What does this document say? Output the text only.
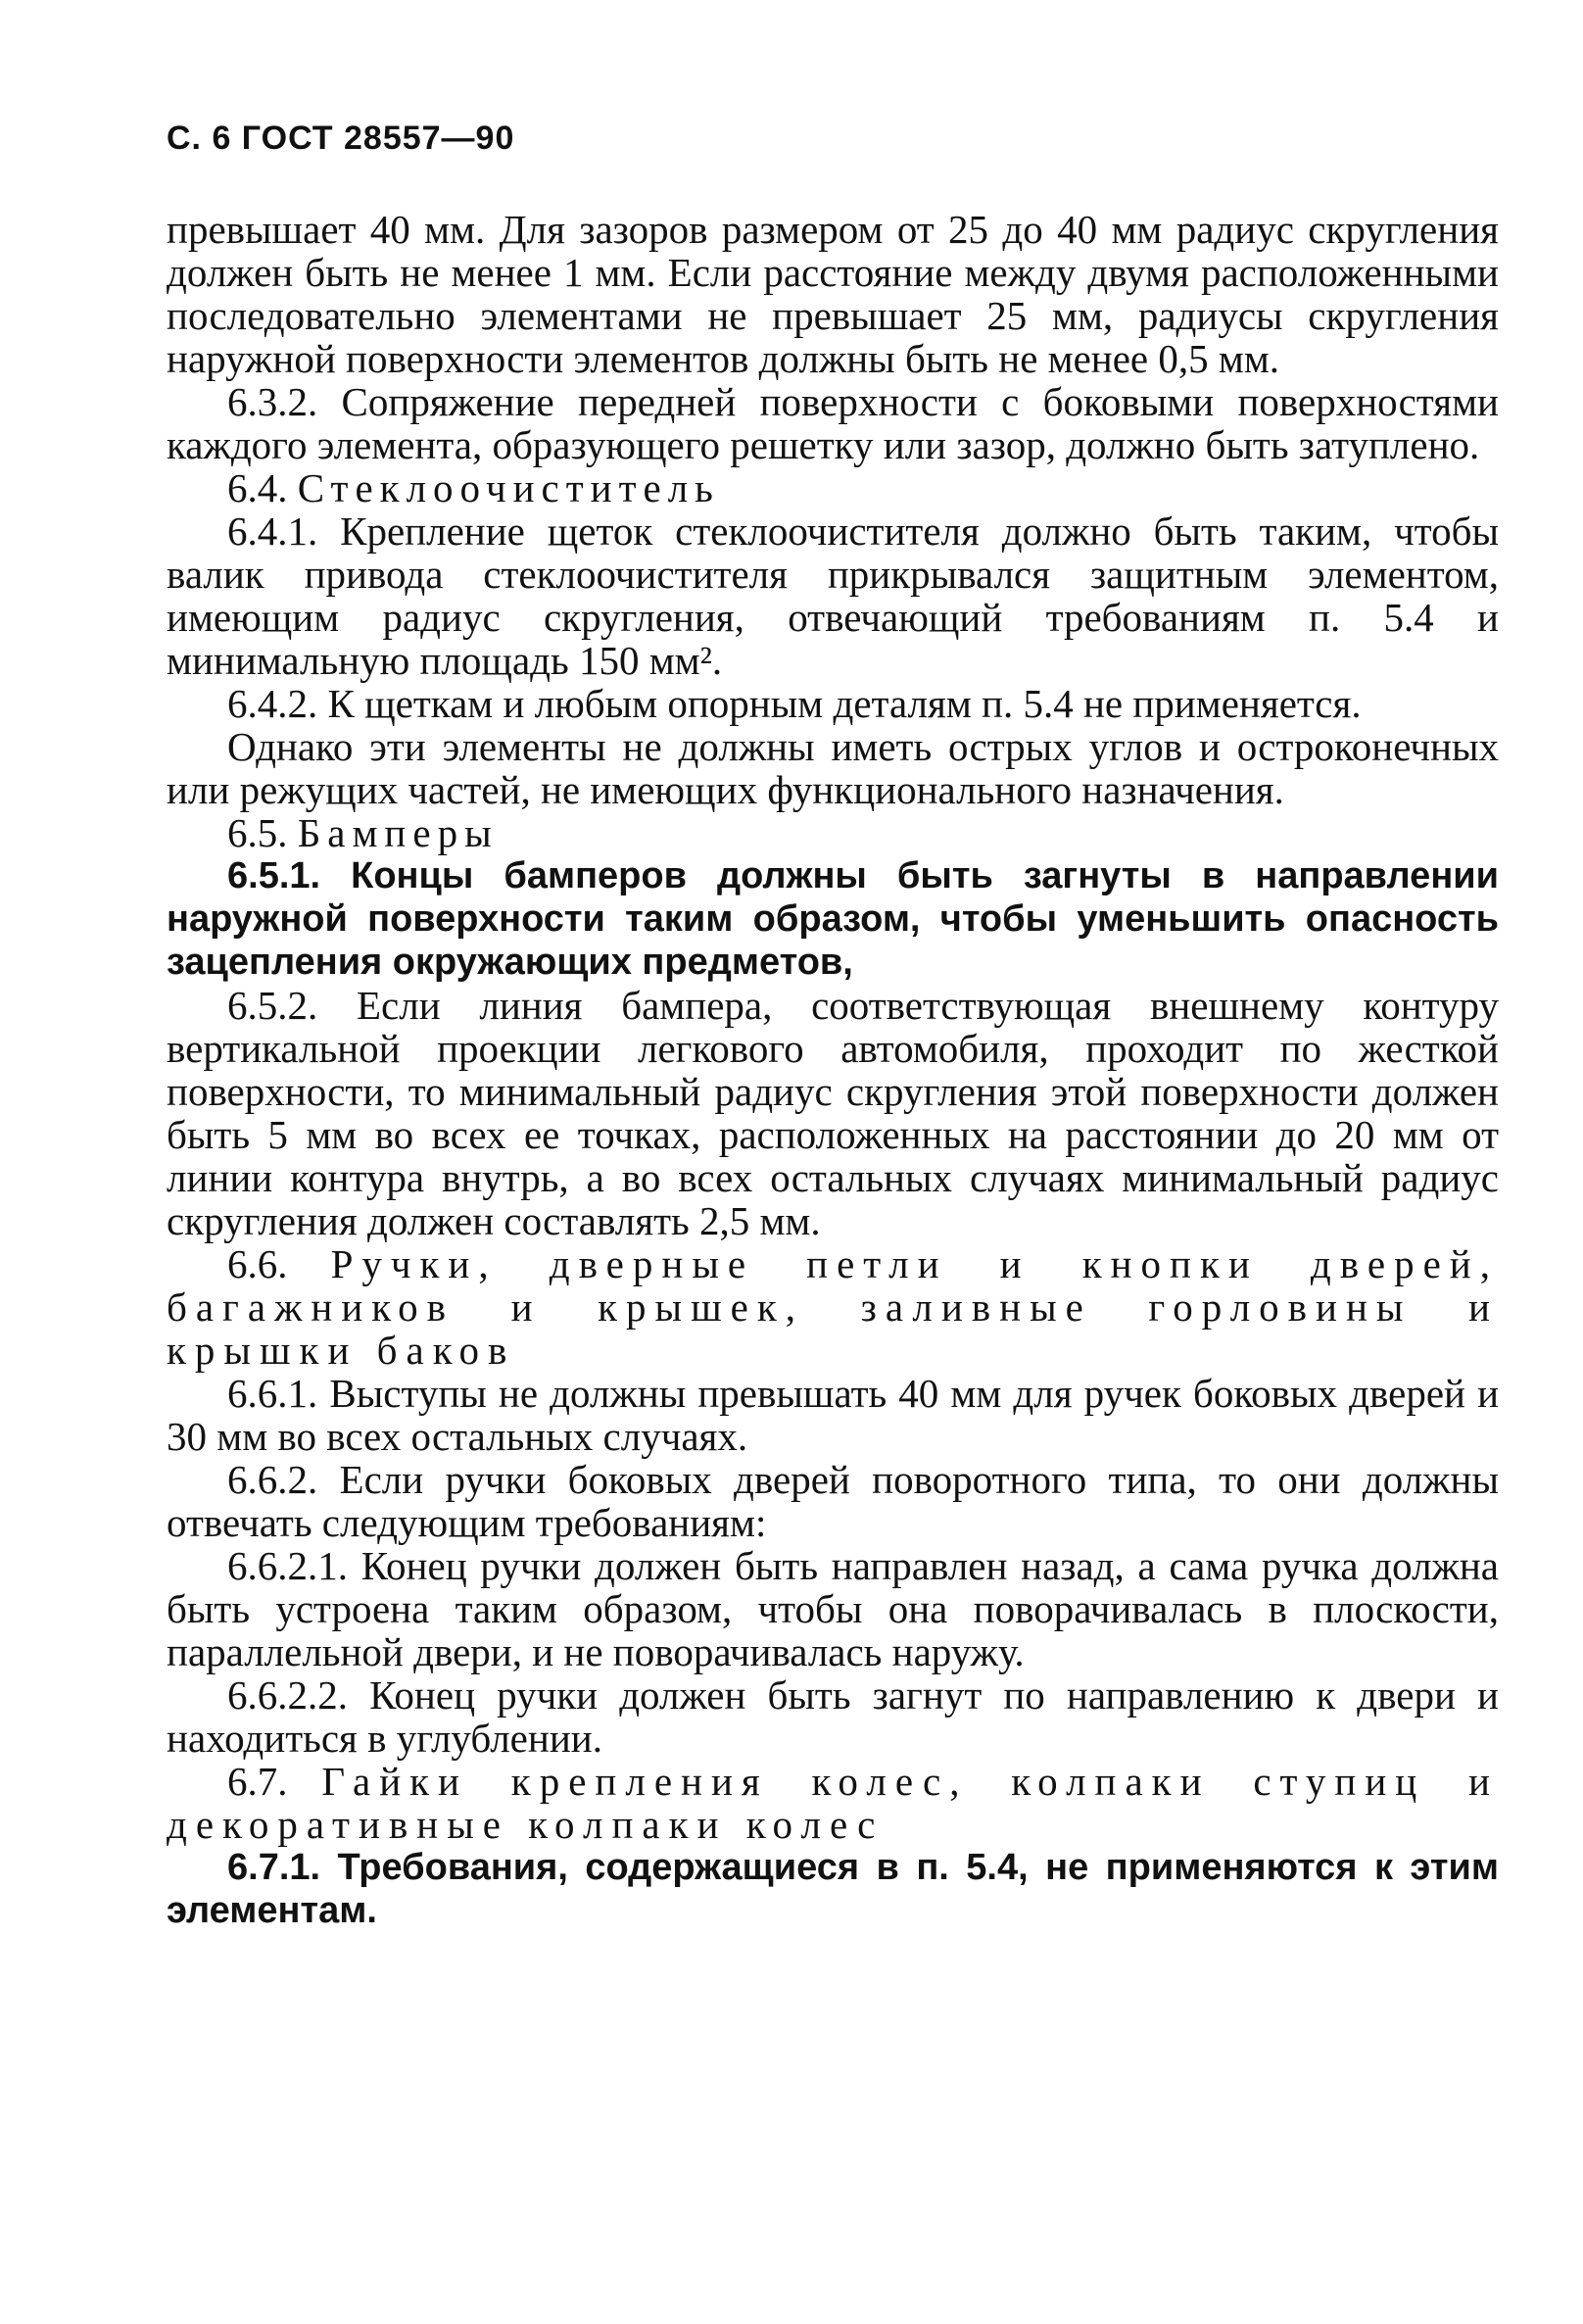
С. 6 ГОСТ 28557—90

превышает 40 мм. Для зазоров размером от 25 до 40 мм радиус скругления должен быть не менее 1 мм. Если расстояние между двумя расположенными последовательно элементами не превышает 25 мм, радиусы скругления наружной поверхности элементов должны быть не менее 0,5 мм.

6.3.2. Сопряжение передней поверхности с боковыми поверхностями каждого элемента, образующего решетку или зазор, должно быть затуплено.

6.4. Стеклоочиститель

6.4.1. Крепление щеток стеклоочистителя должно быть таким, чтобы валик привода стеклоочистителя прикрывался защитным элементом, имеющим радиус скругления, отвечающий требованиям п. 5.4 и минимальную площадь 150 мм².

6.4.2. К щеткам и любым опорным деталям п. 5.4 не применяется.

Однако эти элементы не должны иметь острых углов и остроконечных или режущих частей, не имеющих функционального назначения.

6.5. Бамперы

6.5.1. Концы бамперов должны быть загнуты в направлении наружной поверхности таким образом, чтобы уменьшить опасность зацепления окружающих предметов,

6.5.2. Если линия бампера, соответствующая внешнему контуру вертикальной проекции легкового автомобиля, проходит по жесткой поверхности, то минимальный радиус скругления этой поверхности должен быть 5 мм во всех ее точках, расположенных на расстоянии до 20 мм от линии контура внутрь, а во всех остальных случаях минимальный радиус скругления должен составлять 2,5 мм.

6.6. Ручки, дверные петли и кнопки дверей, багажников и крышек, заливные горловины и крышки баков

6.6.1. Выступы не должны превышать 40 мм для ручек боковых дверей и 30 мм во всех остальных случаях.

6.6.2. Если ручки боковых дверей поворотного типа, то они должны отвечать следующим требованиям:

6.6.2.1. Конец ручки должен быть направлен назад, а сама ручка должна быть устроена таким образом, чтобы она поворачивалась в плоскости, параллельной двери, и не поворачивалась наружу.

6.6.2.2. Конец ручки должен быть загнут по направлению к двери и находиться в углублении.

6.7. Гайки крепления колес, колпаки ступиц и декоративные колпаки колес

6.7.1. Требования, содержащиеся в п. 5.4, не применяются к этим элементам.
